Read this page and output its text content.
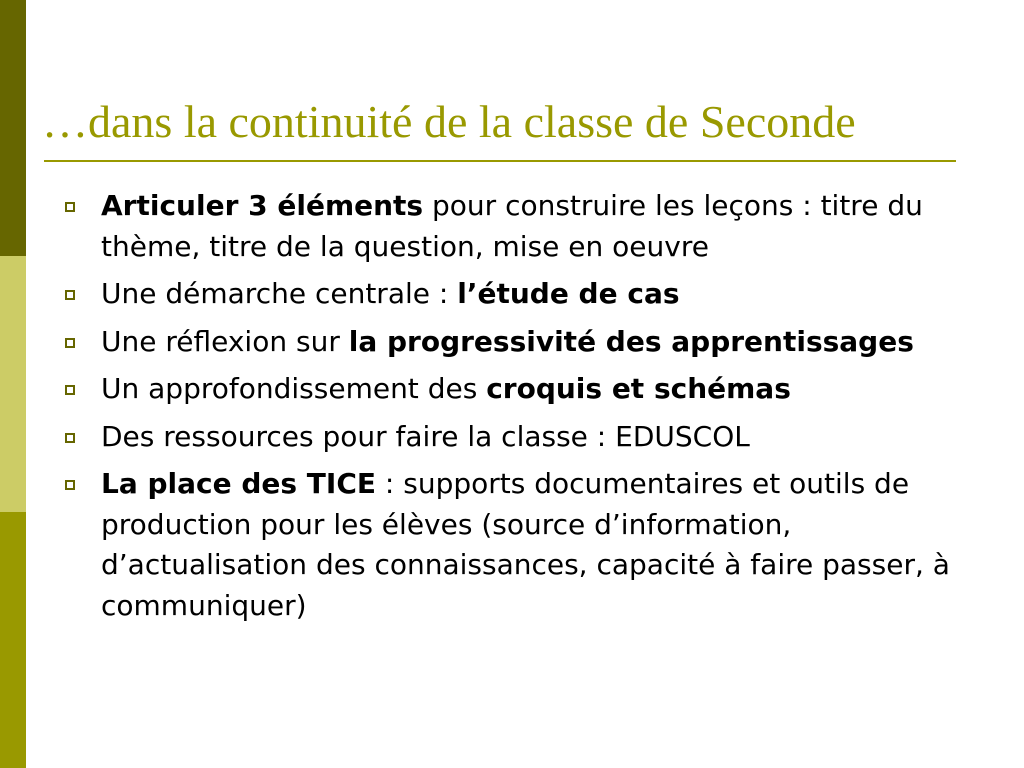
…dans la continuité de la classe de Seconde
Articuler 3 éléments pour construire les leçons : titre du thème, titre de la question, mise en oeuvre
Une démarche centrale : l’étude de cas
Une réflexion sur la progressivité des apprentissages
Un approfondissement des croquis et schémas
Des ressources pour faire la classe : EDUSCOL
La place des TICE : supports documentaires et outils de production pour les élèves (source d’information, d’actualisation des connaissances, capacité à faire passer, à communiquer)
